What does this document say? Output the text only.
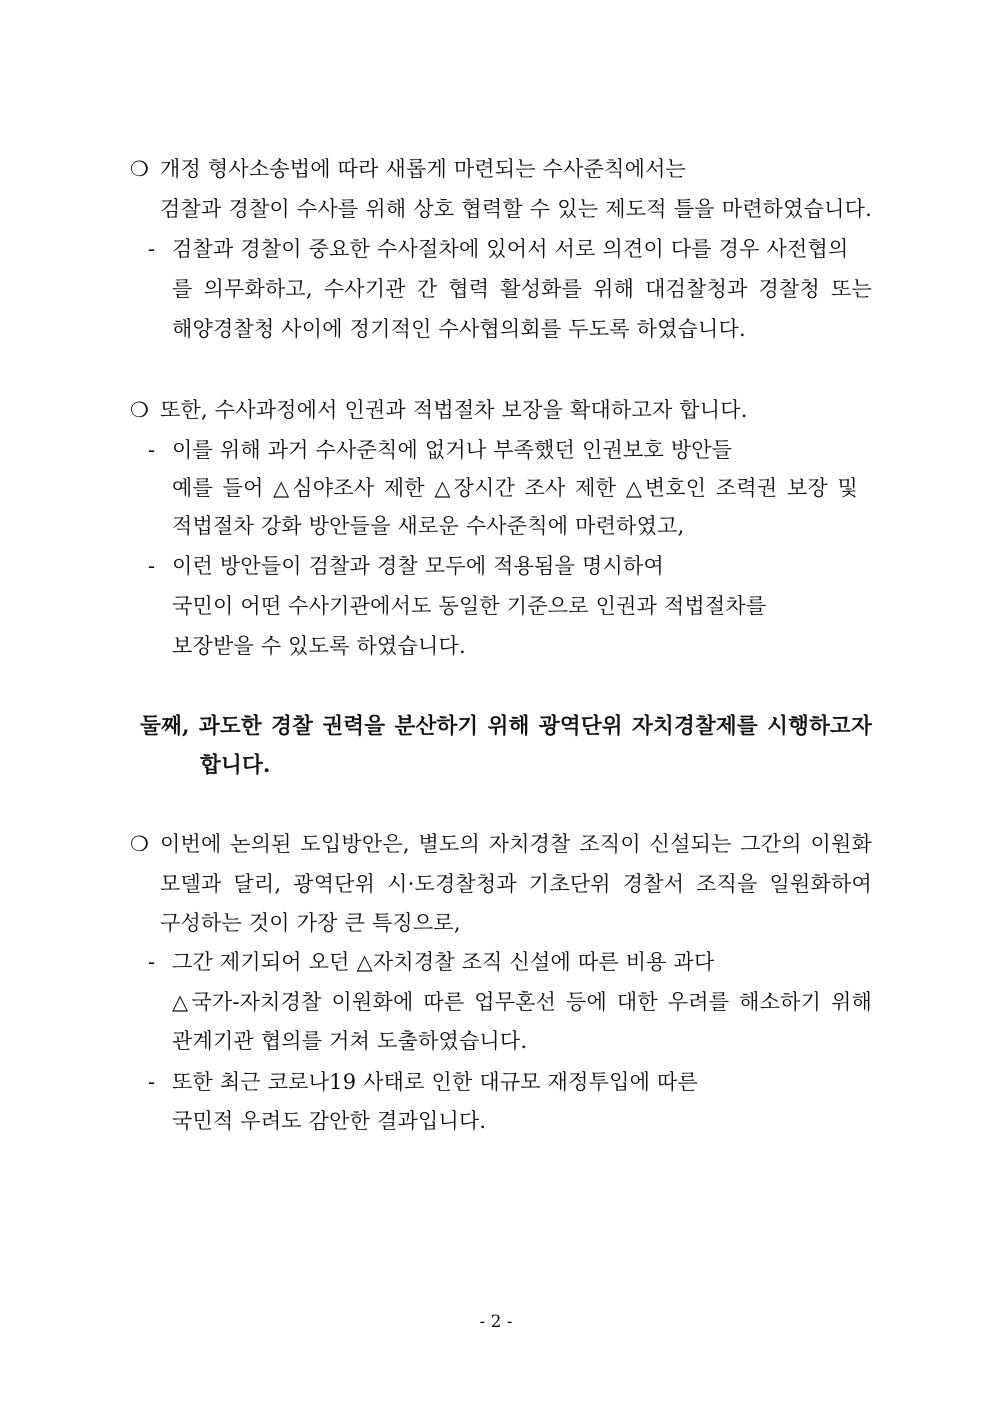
❍ 개정 형사소송법에 따라 새롭게 마련되는 수사준칙에서는
검찰과 경찰이 수사를 위해 상호 협력할 수 있는 제도적 틀을 마련하였습니다.
- 검찰과 경찰이 중요한 수사절차에 있어서 서로 의견이 다를 경우 사전협의
를 의무화하고, 수사기관 간 협력 활성화를 위해 대검찰청과 경찰청 또는
해양경찰청 사이에 정기적인 수사협의회를 두도록 하였습니다.
❍ 또한, 수사과정에서 인권과 적법절차 보장을 확대하고자 합니다.
- 이를 위해 과거 수사준칙에 없거나 부족했던 인권보호 방안들
예를 들어 △심야조사 제한 △장시간 조사 제한 △변호인 조력권 보장 및
적법절차 강화 방안들을 새로운 수사준칙에 마련하였고,
- 이런 방안들이 검찰과 경찰 모두에 적용됨을 명시하여
국민이 어떤 수사기관에서도 동일한 기준으로 인권과 적법절차를
보장받을 수 있도록 하였습니다.
둘째, 과도한 경찰 권력을 분산하기 위해 광역단위 자치경찰제를 시행하고자
합니다.
❍ 이번에 논의된 도입방안은, 별도의 자치경찰 조직이 신설되는 그간의 이원화
모델과 달리, 광역단위 시·도경찰청과 기초단위 경찰서 조직을 일원화하여
구성하는 것이 가장 큰 특징으로,
- 그간 제기되어 오던 △자치경찰 조직 신설에 따른 비용 과다
△국가-자치경찰 이원화에 따른 업무혼선 등에 대한 우려를 해소하기 위해
관계기관 협의를 거쳐 도출하였습니다.
- 또한 최근 코로나19 사태로 인한 대규모 재정투입에 따른
국민적 우려도 감안한 결과입니다.
- 2 -
